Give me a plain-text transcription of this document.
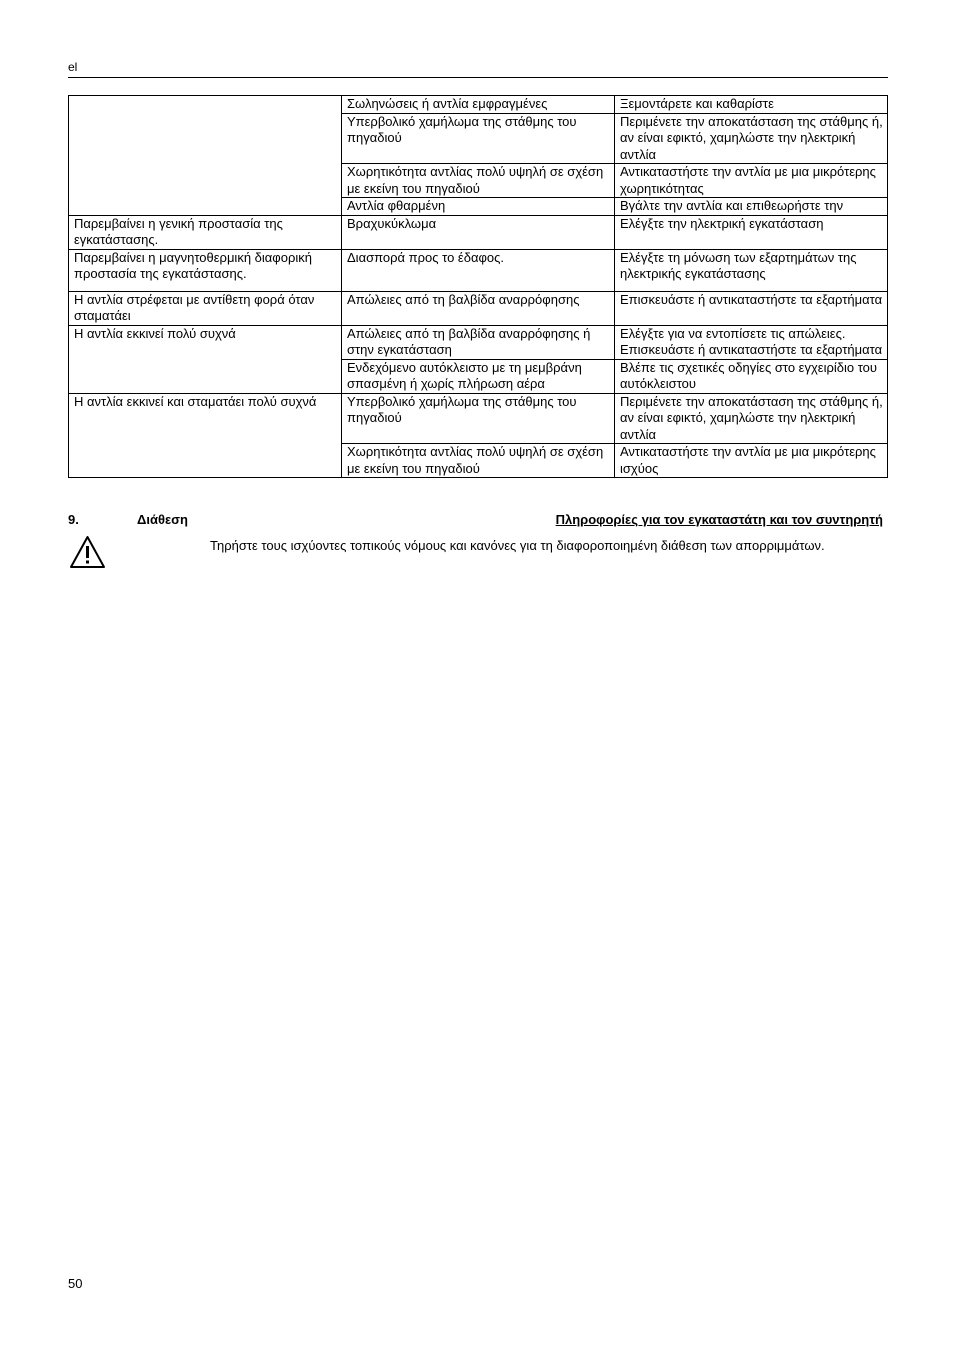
el
	Σωληνώσεις ή αντλία εμφραγμένες	Ξεμοντάρετε και καθαρίστε
	Υπερβολικό χαμήλωμα της στάθμης του πηγαδιού	Περιμένετε την αποκατάσταση της στάθμης ή, αν είναι εφικτό, χαμηλώστε την ηλεκτρική αντλία
	Χωρητικότητα αντλίας πολύ υψηλή σε σχέση με εκείνη του πηγαδιού	Αντικαταστήστε την αντλία με μια μικρότερης χωρητικότητας
	Αντλία φθαρμένη	Βγάλτε την αντλία και επιθεωρήστε την
Παρεμβαίνει η γενική προστασία της εγκατάστασης.	Βραχυκύκλωμα	Ελέγξτε την ηλεκτρική εγκατάσταση
Παρεμβαίνει η μαγνητοθερμική διαφορική προστασία της εγκατάστασης.	Διασπορά προς το έδαφος.	Ελέγξτε τη μόνωση των εξαρτημάτων της ηλεκτρικής εγκατάστασης
Η αντλία στρέφεται με αντίθετη φορά όταν σταματάει	Απώλειες από τη βαλβίδα αναρρόφησης	Επισκευάστε ή αντικαταστήστε τα εξαρτήματα
Η αντλία εκκινεί πολύ συχνά	Απώλειες από τη βαλβίδα αναρρόφησης ή στην εγκατάσταση	Ελέγξτε για να εντοπίσετε τις απώλειες. Επισκευάστε ή αντικαταστήστε τα εξαρτήματα
	Ενδεχόμενο αυτόκλειστο με τη μεμβράνη σπασμένη ή χωρίς πλήρωση αέρα	Βλέπε τις σχετικές οδηγίες στο εγχειρίδιο του αυτόκλειστου
Η αντλία εκκινεί και σταματάει πολύ συχνά	Υπερβολικό χαμήλωμα της στάθμης του πηγαδιού	Περιμένετε την αποκατάσταση της στάθμης ή, αν είναι εφικτό, χαμηλώστε την ηλεκτρική αντλία
	Χωρητικότητα αντλίας πολύ υψηλή σε σχέση με εκείνη του πηγαδιού	Αντικαταστήστε την αντλία με μια μικρότερης ισχύος
9.	Διάθεση	Πληροφορίες για τον εγκαταστάτη και τον συντηρητή
Τηρήστε τους ισχύοντες τοπικούς νόμους και κανόνες για τη διαφοροποιημένη διάθεση των απορριμμάτων.
50
